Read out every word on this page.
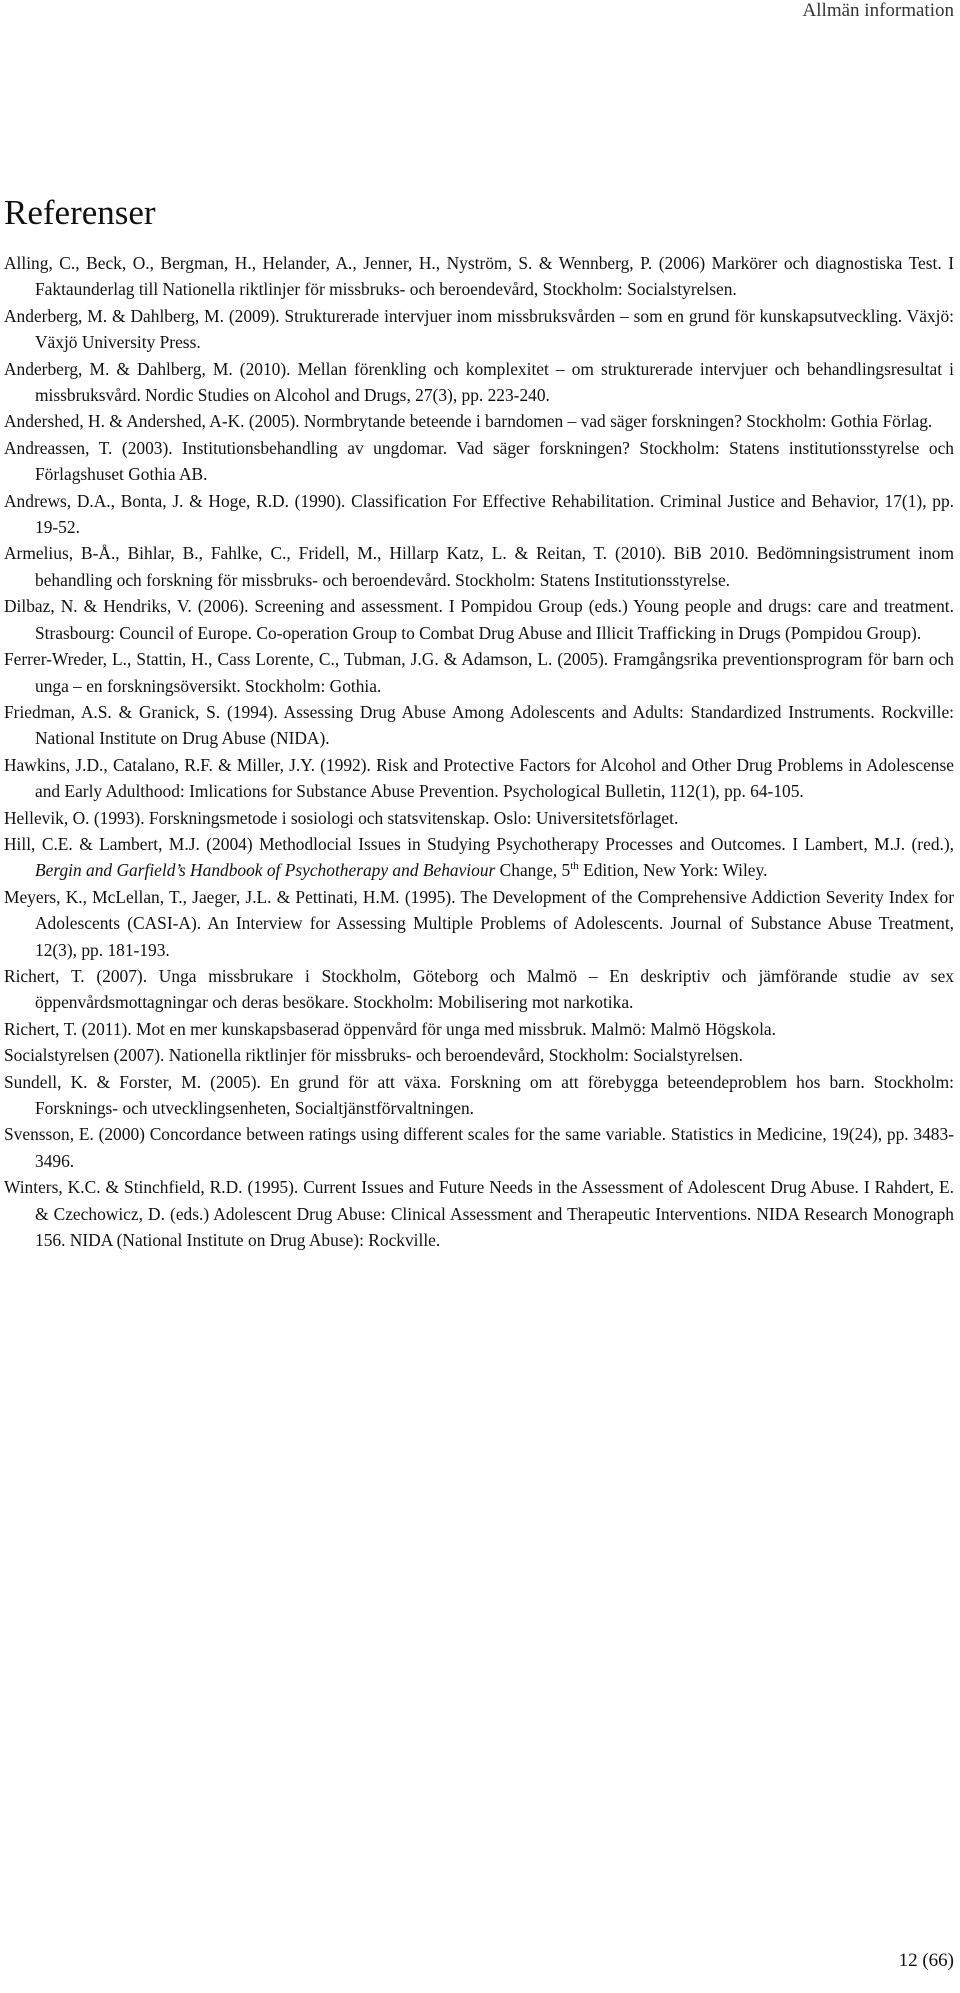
Allmän information
Referenser
Alling, C., Beck, O., Bergman, H., Helander, A., Jenner, H., Nyström, S. & Wennberg, P. (2006) Markörer och diagnostiska Test. I Faktaunderlag till Nationella riktlinjer för missbruks- och beroendevård, Stockholm: Socialstyrelsen.
Anderberg, M. & Dahlberg, M. (2009). Strukturerade intervjuer inom missbruksvården – som en grund för kunskapsutveckling. Växjö: Växjö University Press.
Anderberg, M. & Dahlberg, M. (2010). Mellan förenkling och komplexitet – om strukturerade intervjuer och behandlingsresultat i missbruksvård. Nordic Studies on Alcohol and Drugs, 27(3), pp. 223-240.
Andershed, H. & Andershed, A-K. (2005). Normbrytande beteende i barndomen – vad säger forskningen? Stockholm: Gothia Förlag.
Andreassen, T. (2003). Institutionsbehandling av ungdomar. Vad säger forskningen? Stockholm: Statens institutionsstyrelse och Förlagshuset Gothia AB.
Andrews, D.A., Bonta, J. & Hoge, R.D. (1990). Classification For Effective Rehabilitation. Criminal Justice and Behavior, 17(1), pp. 19-52.
Armelius, B-Å., Bihlar, B., Fahlke, C., Fridell, M., Hillarp Katz, L. & Reitan, T. (2010). BiB 2010. Bedömningsistrument inom behandling och forskning för missbruks- och beroendevård. Stockholm: Statens Institutionsstyrelse.
Dilbaz, N. & Hendriks, V. (2006). Screening and assessment. I Pompidou Group (eds.) Young people and drugs: care and treatment. Strasbourg: Council of Europe. Co-operation Group to Combat Drug Abuse and Illicit Trafficking in Drugs (Pompidou Group).
Ferrer-Wreder, L., Stattin, H., Cass Lorente, C., Tubman, J.G. & Adamson, L. (2005). Framgångsrika preventionsprogram för barn och unga – en forskningsöversikt. Stockholm: Gothia.
Friedman, A.S. & Granick, S. (1994). Assessing Drug Abuse Among Adolescents and Adults: Standardized Instruments. Rockville: National Institute on Drug Abuse (NIDA).
Hawkins, J.D., Catalano, R.F. & Miller, J.Y. (1992). Risk and Protective Factors for Alcohol and Other Drug Problems in Adolescense and Early Adulthood: Imlications for Substance Abuse Prevention. Psychological Bulletin, 112(1), pp. 64-105.
Hellevik, O. (1993). Forskningsmetode i sosiologi och statsvitenskap. Oslo: Universitetsförlaget.
Hill, C.E. & Lambert, M.J. (2004) Methodlocial Issues in Studying Psychotherapy Processes and Outcomes. I Lambert, M.J. (red.), Bergin and Garfield’s Handbook of Psychotherapy and Behaviour Change, 5th Edition, New York: Wiley.
Meyers, K., McLellan, T., Jaeger, J.L. & Pettinati, H.M. (1995). The Development of the Comprehensive Addiction Severity Index for Adolescents (CASI-A). An Interview for Assessing Multiple Problems of Adolescents. Journal of Substance Abuse Treatment, 12(3), pp. 181-193.
Richert, T. (2007). Unga missbrukare i Stockholm, Göteborg och Malmö – En deskriptiv och jämförande studie av sex öppenvårdsmottagningar och deras besökare. Stockholm: Mobilisering mot narkotika.
Richert, T. (2011). Mot en mer kunskapsbaserad öppenvård för unga med missbruk. Malmö: Malmö Högskola.
Socialstyrelsen (2007). Nationella riktlinjer för missbruks- och beroendevård, Stockholm: Socialstyrelsen.
Sundell, K. & Forster, M. (2005). En grund för att växa. Forskning om att förebygga beteendeproblem hos barn. Stockholm: Forsknings- och utvecklingsenheten, Socialtjänstförvaltningen.
Svensson, E. (2000) Concordance between ratings using different scales for the same variable. Statistics in Medicine, 19(24), pp. 3483-3496.
Winters, K.C. & Stinchfield, R.D. (1995). Current Issues and Future Needs in the Assessment of Adolescent Drug Abuse. I Rahdert, E. & Czechowicz, D. (eds.) Adolescent Drug Abuse: Clinical Assessment and Therapeutic Interventions. NIDA Research Monograph 156. NIDA (National Institute on Drug Abuse): Rockville.
12 (66)
